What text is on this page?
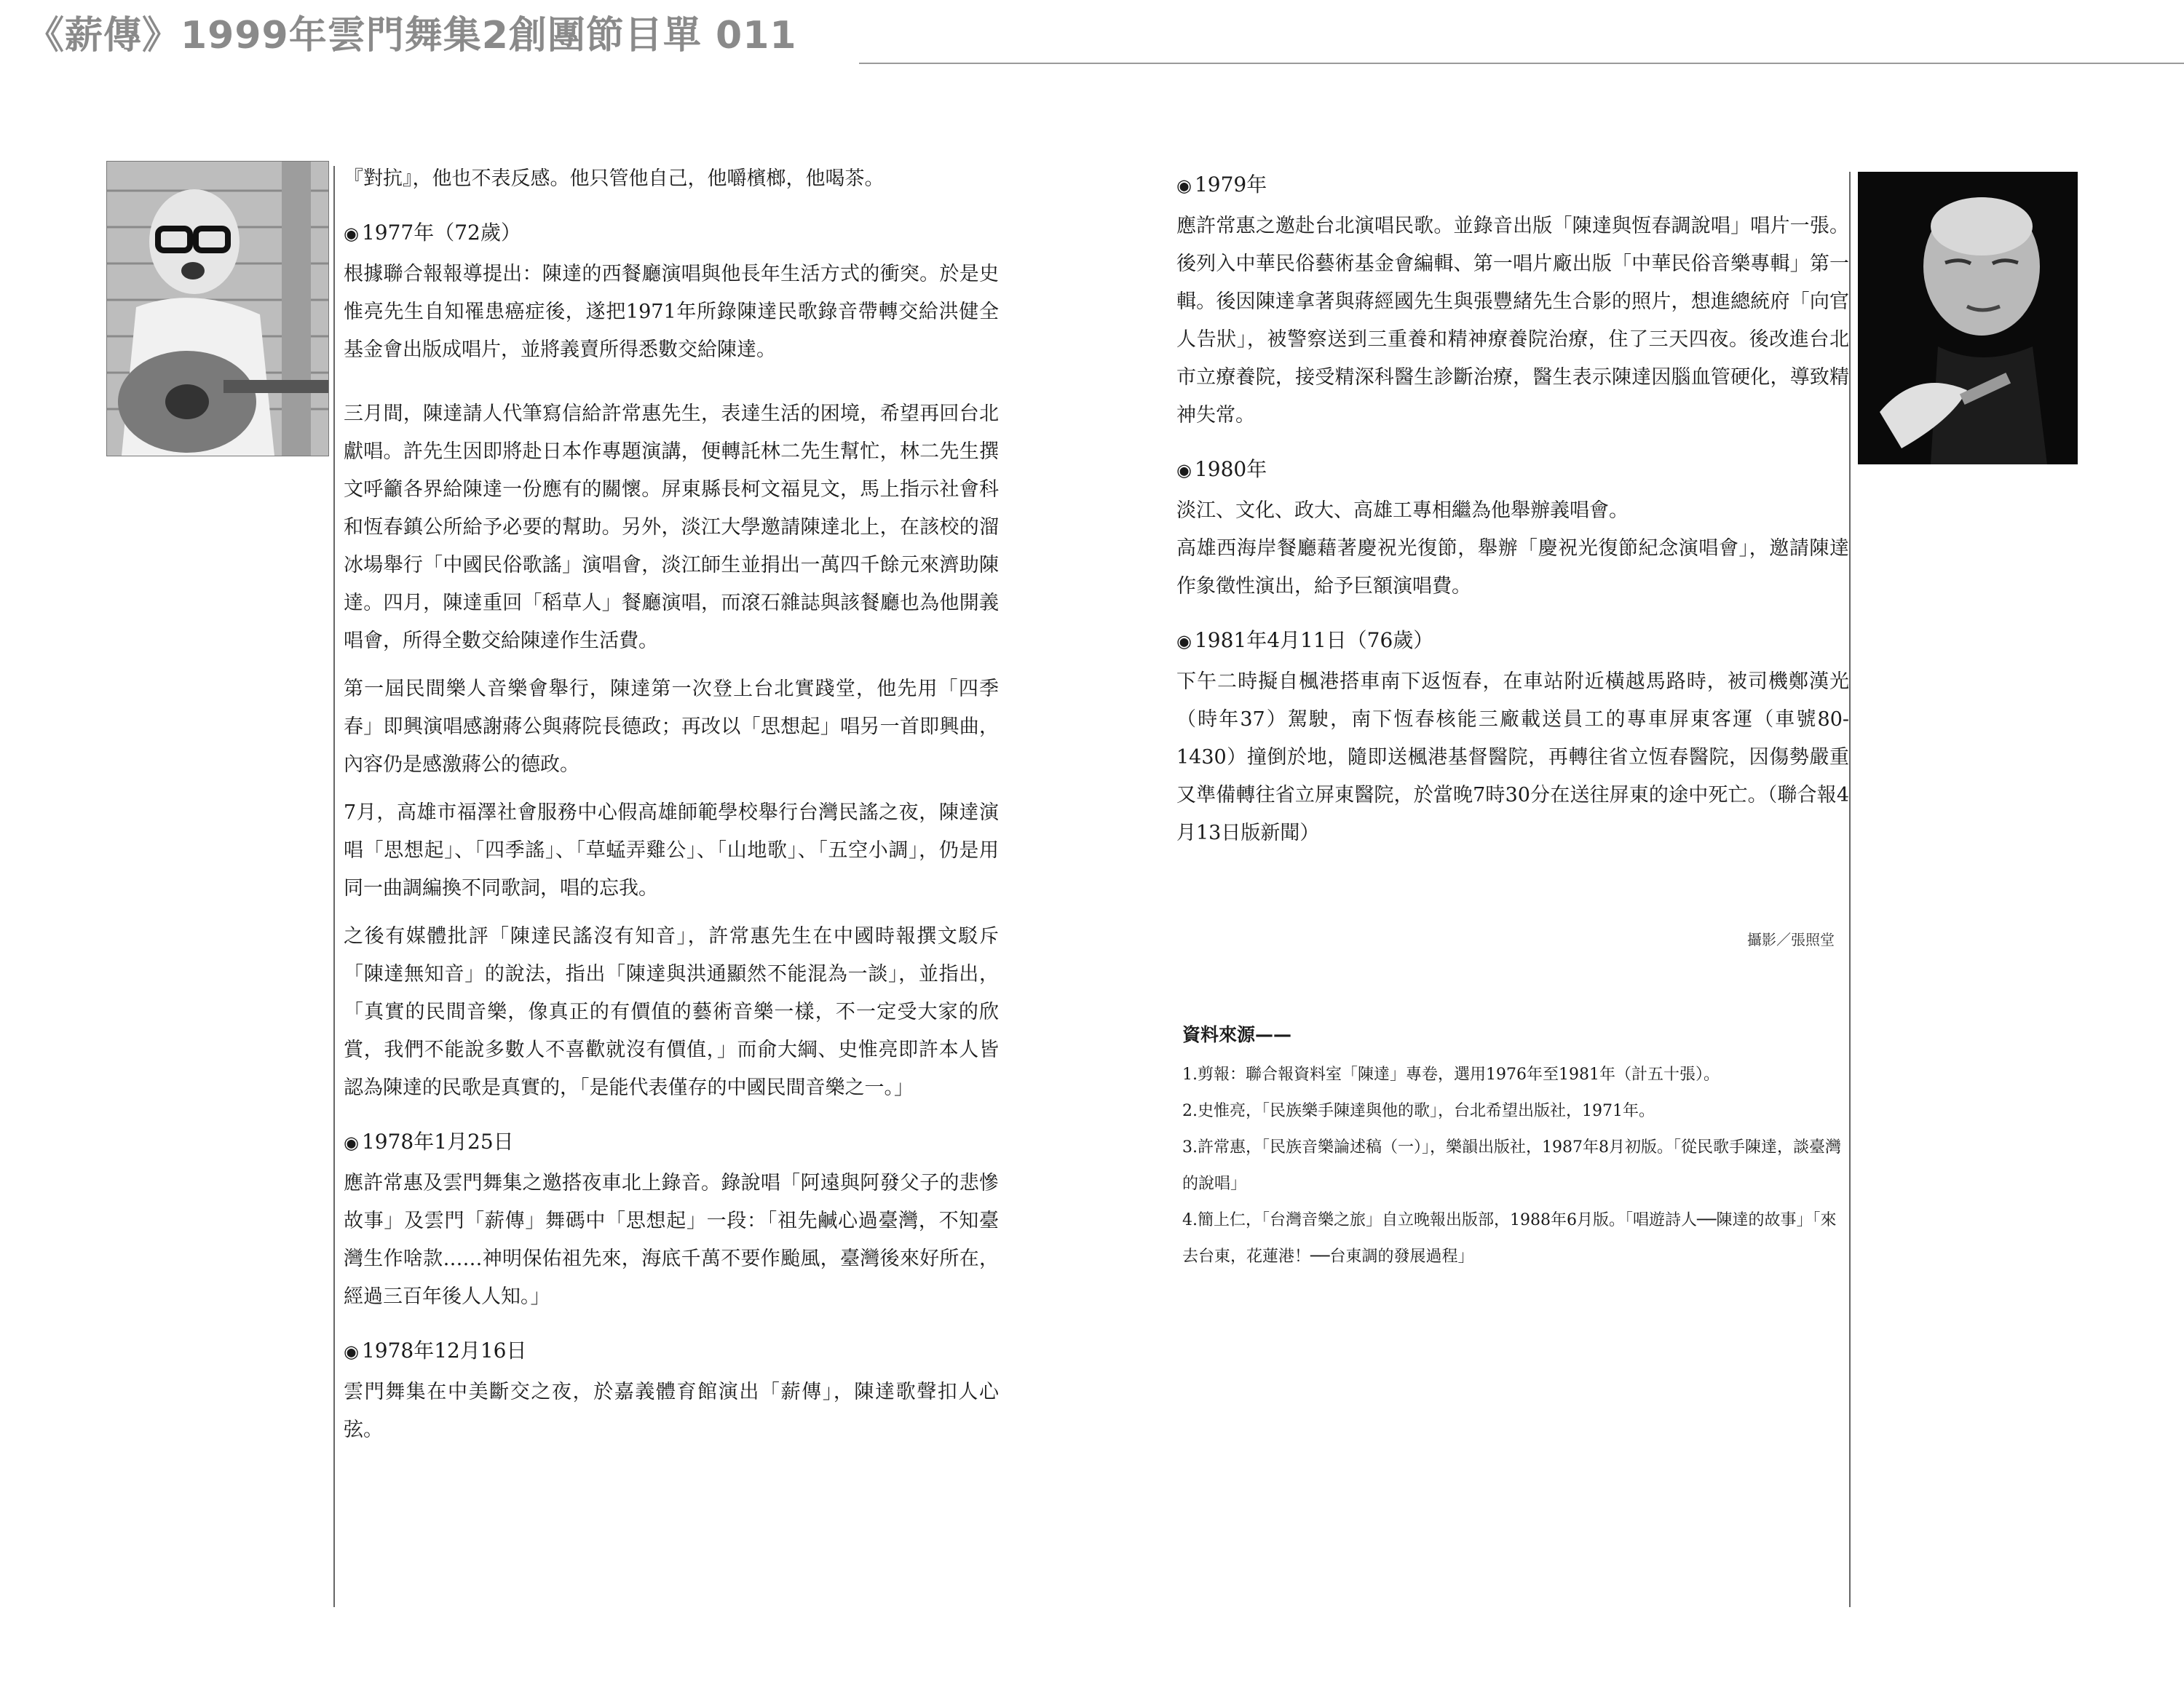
《薪傳》1999年雲門舞集2創團節目單 011

『對抗』，他也不表反感。他只管他自己，他嚼檳榔，他喝茶。

◉ 1977年（72歲）

根據聯合報報導提出：陳達的西餐廳演唱與他長年生活方式的衝突。於是史惟亮先生自知罹患癌症後，遂把1971年所錄陳達民歌錄音帶轉交給洪健全基金會出版成唱片，並將義賣所得悉數交給陳達。

三月間，陳達請人代筆寫信給許常惠先生，表達生活的困境，希望再回台北獻唱。許先生因即將赴日本作專題演講，便轉託林二先生幫忙，林二先生撰文呼籲各界給陳達一份應有的關懷。屏東縣長柯文福見文，馬上指示社會科和恆春鎮公所給予必要的幫助。另外，淡江大學邀請陳達北上，在該校的溜冰場舉行「中國民俗歌謠」演唱會，淡江師生並捐出一萬四千餘元來濟助陳達。四月，陳達重回「稻草人」餐廳演唱，而滾石雜誌與該餐廳也為他開義唱會，所得全數交給陳達作生活費。

第一屆民間樂人音樂會舉行，陳達第一次登上台北實踐堂，他先用「四季春」即興演唱感謝蔣公與蔣院長德政；再改以「思想起」唱另一首即興曲，內容仍是感激蔣公的德政。

7月，高雄市福澤社會服務中心假高雄師範學校舉行台灣民謠之夜，陳達演唱「思想起」、「四季謠」、「草蜢弄雞公」、「山地歌」、「五空小調」，仍是用同一曲調編換不同歌詞，唱的忘我。

之後有媒體批評「陳達民謠沒有知音」，許常惠先生在中國時報撰文駁斥「陳達無知音」的說法，指出「陳達與洪通顯然不能混為一談」，並指出，「真實的民間音樂，像真正的有價值的藝術音樂一樣，不一定受大家的欣賞，我們不能說多數人不喜歡就沒有價值，」而俞大綱、史惟亮即許本人皆認為陳達的民歌是真實的，「是能代表僅存的中國民間音樂之一。」

◉ 1978年1月25日

應許常惠及雲門舞集之邀搭夜車北上錄音。錄說唱「阿遠與阿發父子的悲慘故事」及雲門「薪傳」舞碼中「思想起」一段：「祖先鹹心過臺灣，不知臺灣生作啥款……神明保佑祖先來，海底千萬不要作颱風，臺灣後來好所在，經過三百年後人人知。」

◉ 1978年12月16日

雲門舞集在中美斷交之夜，於嘉義體育館演出「薪傳」，陳達歌聲扣人心弦。

◉ 1979年

應許常惠之邀赴台北演唱民歌。並錄音出版「陳達與恆春調說唱」唱片一張。後列入中華民俗藝術基金會編輯、第一唱片廠出版「中華民俗音樂專輯」第一輯。後因陳達拿著與蔣經國先生與張豐緒先生合影的照片，想進總統府「向官人告狀」，被警察送到三重養和精神療養院治療，住了三天四夜。後改進台北市立療養院，接受精深科醫生診斷治療，醫生表示陳達因腦血管硬化，導致精神失常。

◉ 1980年

淡江、文化、政大、高雄工專相繼為他舉辦義唱會。

高雄西海岸餐廳藉著慶祝光復節，舉辦「慶祝光復節紀念演唱會」，邀請陳達作象徵性演出，給予巨額演唱費。

◉ 1981年4月11日（76歲）

下午二時擬自楓港搭車南下返恆春，在車站附近橫越馬路時，被司機鄭漢光（時年37）駕駛，南下恆春核能三廠載送員工的專車屏東客運（車號80-1430）撞倒於地，隨即送楓港基督醫院，再轉往省立恆春醫院，因傷勢嚴重又準備轉往省立屏東醫院，於當晚7時30分在送往屏東的途中死亡。（聯合報4月13日版新聞）

攝影／張照堂
資料來源——
1.剪報：聯合報資料室「陳達」專卷，選用1976年至1981年（計五十張）。
2.史惟亮，「民族樂手陳達與他的歌」，台北希望出版社，1971年。
3.許常惠，「民族音樂論述稿（一）」，樂韻出版社，1987年8月初版。「從民歌手陳達，談臺灣的說唱」
4.簡上仁，「台灣音樂之旅」自立晚報出版部，1988年6月版。「唱遊詩人──陳達的故事」「來去台東，花蓮港！──台東調的發展過程」
